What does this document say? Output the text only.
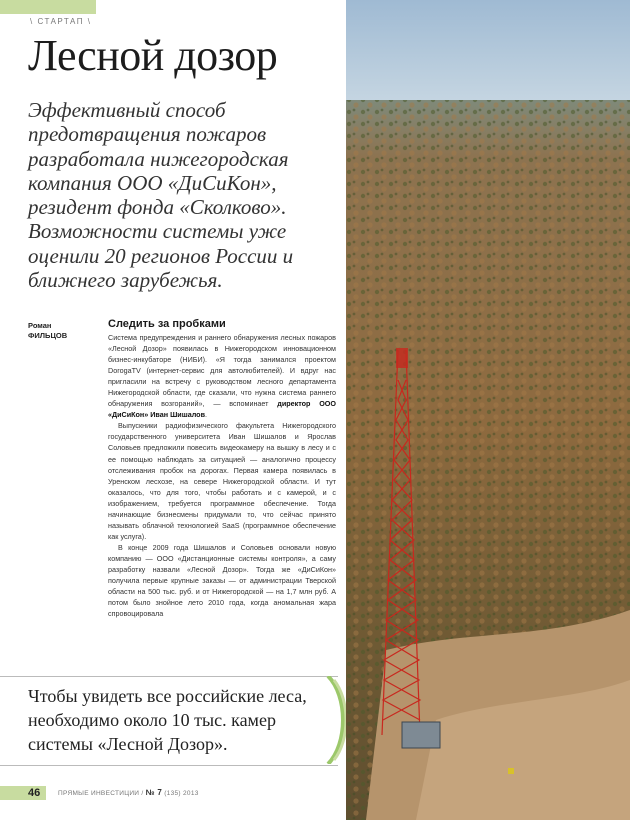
\ СТАРТАП \
Лесной дозор

Эффективный способ предотвращения пожаров разработала нижегородская компания ООО «ДиСиКон», резидент фонда «Сколково». Возможности системы уже оценили 20 регионов России и ближнего зарубежья.

Роман
ФИЛЬЦОВ
Следить за пробками

Система предупреждения и раннего обнаружения лесных пожаров «Лесной Дозор» появилась в Нижегородском инновационном бизнес-инкубаторе (НИБИ). «Я тогда занимался проектом DorogaTV (интернет-сервис для автолюбителей). И вдруг нас пригласили на встречу с руководством лесного департамента Нижегородской области, где сказали, что нужна система раннего обнаружения возгораний», — вспоминает директор ООО «ДиСиКон» Иван Шишалов.

Выпускники радиофизического факультета Нижегородского государственного университета Иван Шишалов и Ярослав Соловьев предложили повесить видеокамеру на вышку в лесу и с ее помощью наблюдать за ситуацией — аналогично процессу отслеживания пробок на дорогах. Первая камера появилась в Уренском лесхозе, на севере Нижегородской области. И тут оказалось, что для того, чтобы работать и с камерой, и с изображением, требуется программное обеспечение. Тогда начинающие бизнесмены придумали то, что сейчас принято называть облачной технологией SaaS (программное обеспечение как услуга).

В конце 2009 года Шишалов и Соловьев основали новую компанию — ООО «Дистанционные системы контроля», а саму разработку назвали «Лесной Дозор». Тогда же «ДиСиКон» получила первые крупные заказы — от администрации Тверской области на 500 тыс. руб. и от Нижегородской — на 1,7 млн руб. А потом было знойное лето 2010 года, когда аномальная жара спровоцировала

Чтобы увидеть все российские леса, необходимо около 10 тыс. камер системы «Лесной Дозор».

46	ПРЯМЫЕ ИНВЕСТИЦИИ / № 7 (135) 2013
